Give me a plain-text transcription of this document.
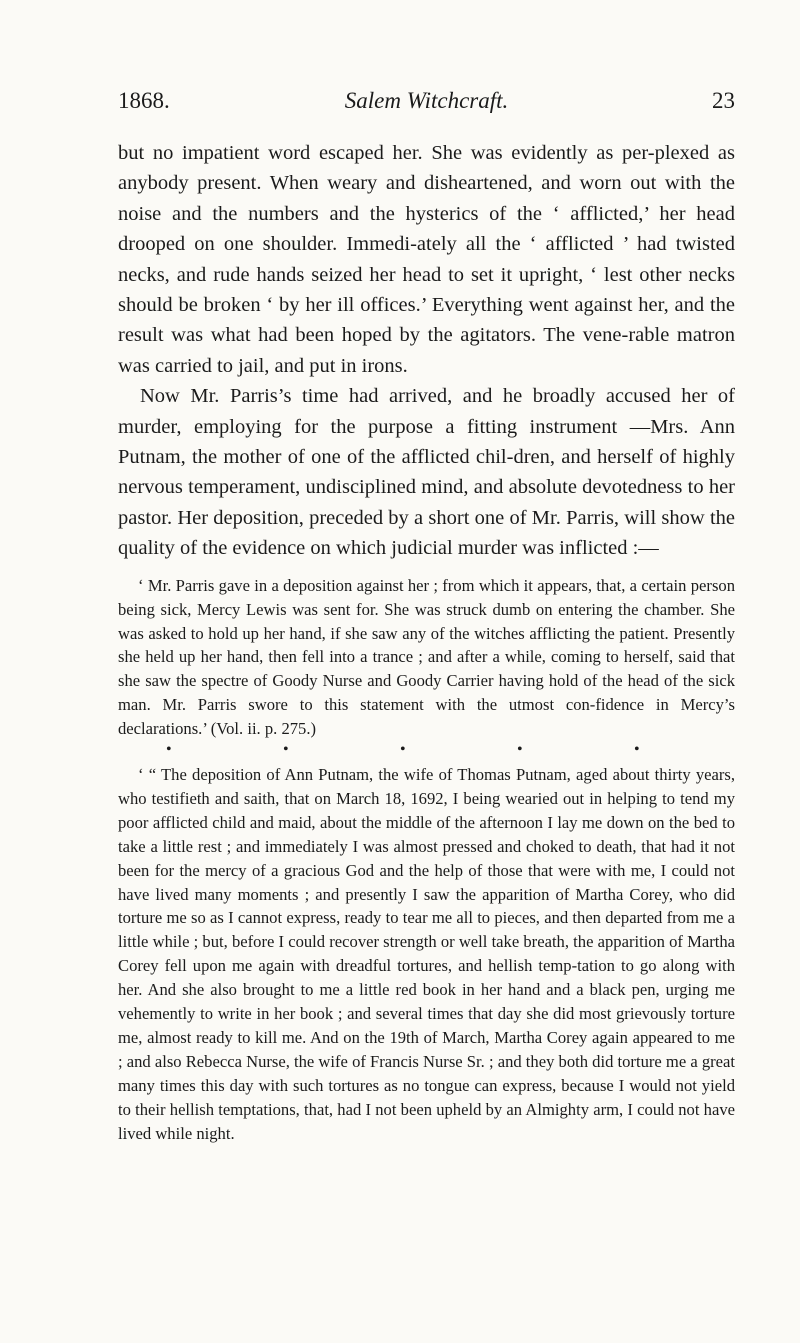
1868.	Salem Witchcraft.	23

but no impatient word escaped her. She was evidently as per-plexed as anybody present. When weary and disheartened, and worn out with the noise and the numbers and the hysterics of the ‘ afflicted,’ her head drooped on one shoulder. Immedi-ately all the ‘ afflicted ’ had twisted necks, and rude hands seized her head to set it upright, ‘ lest other necks should be broken ‘ by her ill offices.’ Everything went against her, and the result was what had been hoped by the agitators. The vene-rable matron was carried to jail, and put in irons.

Now Mr. Parris’s time had arrived, and he broadly accused her of murder, employing for the purpose a fitting instrument —Mrs. Ann Putnam, the mother of one of the afflicted chil-dren, and herself of highly nervous temperament, undisciplined mind, and absolute devotedness to her pastor. Her deposition, preceded by a short one of Mr. Parris, will show the quality of the evidence on which judicial murder was inflicted :—

‘ Mr. Parris gave in a deposition against her ; from which it appears, that, a certain person being sick, Mercy Lewis was sent for. She was struck dumb on entering the chamber. She was asked to hold up her hand, if she saw any of the witches afflicting the patient. Presently she held up her hand, then fell into a trance ; and after a while, coming to herself, said that she saw the spectre of Goody Nurse and Goody Carrier having hold of the head of the sick man. Mr. Parris swore to this statement with the utmost con-fidence in Mercy’s declarations.’ (Vol. ii. p. 275.)

•	•	•	•	•

‘ “ The deposition of Ann Putnam, the wife of Thomas Putnam, aged about thirty years, who testifieth and saith, that on March 18, 1692, I being wearied out in helping to tend my poor afflicted child and maid, about the middle of the afternoon I lay me down on the bed to take a little rest ; and immediately I was almost pressed and choked to death, that had it not been for the mercy of a gracious God and the help of those that were with me, I could not have lived many moments ; and presently I saw the apparition of Martha Corey, who did torture me so as I cannot express, ready to tear me all to pieces, and then departed from me a little while ; but, before I could recover strength or well take breath, the apparition of Martha Corey fell upon me again with dreadful tortures, and hellish temp-tation to go along with her. And she also brought to me a little red book in her hand and a black pen, urging me vehemently to write in her book ; and several times that day she did most grievously torture me, almost ready to kill me. And on the 19th of March, Martha Corey again appeared to me ; and also Rebecca Nurse, the wife of Francis Nurse Sr. ; and they both did torture me a great many times this day with such tortures as no tongue can express, because I would not yield to their hellish temptations, that, had I not been upheld by an Almighty arm, I could not have lived while night.
